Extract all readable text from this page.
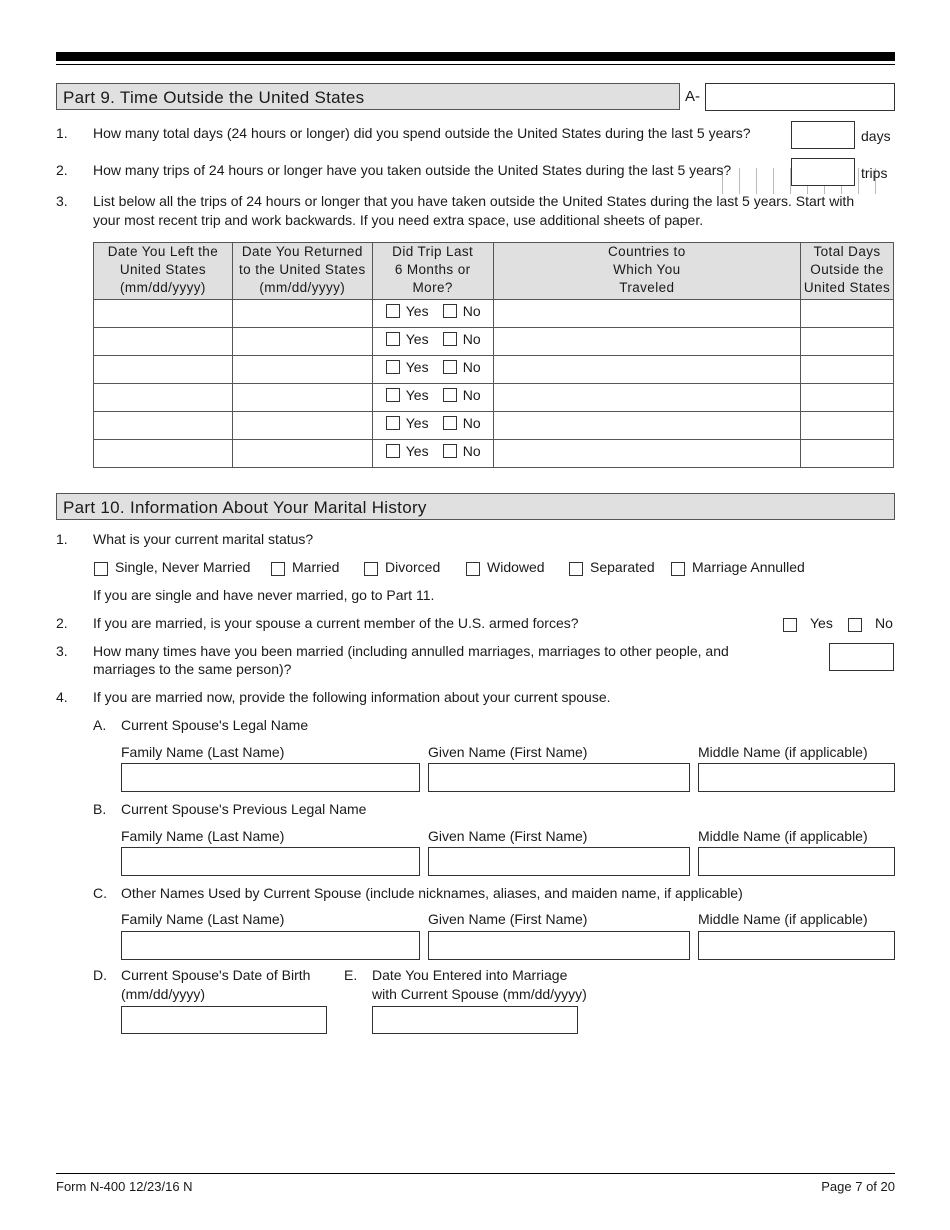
Part 9. Time Outside the United States	A-
1. How many total days (24 hours or longer) did you spend outside the United States during the last 5 years?	days
2. How many trips of 24 hours or longer have you taken outside the United States during the last 5 years?	trips
3. List below all the trips of 24 hours or longer that you have taken outside the United States during the last 5 years. Start with
your most recent trip and work backwards. If you need extra space, use additional sheets of paper.
Date You Left the
United States
(mm/dd/yyyy)	Date You Returned
to the United States
(mm/dd/yyyy)	Did Trip Last
6 Months or
More?	Countries to
Which You
Traveled	Total Days
Outside the
United States

		Yes No		

		Yes No		

		Yes No		

		Yes No		

		Yes No		

		Yes No		

Part 10. Information About Your Marital History
1. What is your current marital status?
Single, Never Married	Married	Divorced	Widowed	Separated	Marriage Annulled
If you are single and have never married, go to Part 11.
2. If you are married, is your spouse a current member of the U.S. armed forces?	Yes	No
3. How many times have you been married (including annulled marriages, marriages to other people, and
marriages to the same person)?
4. If you are married now, provide the following information about your current spouse.
A. Current Spouse's Legal Name
Family Name (Last Name)	Given Name (First Name)	Middle Name (if applicable)
B. Current Spouse's Previous Legal Name
Family Name (Last Name)	Given Name (First Name)	Middle Name (if applicable)
C. Other Names Used by Current Spouse (include nicknames, aliases, and maiden name, if applicable)
Family Name (Last Name)	Given Name (First Name)	Middle Name (if applicable)
D. Current Spouse's Date of Birth
(mm/dd/yyyy)
E. Date You Entered into Marriage
with Current Spouse (mm/dd/yyyy)
Form N-400 12/23/16 N	Page 7 of 20
